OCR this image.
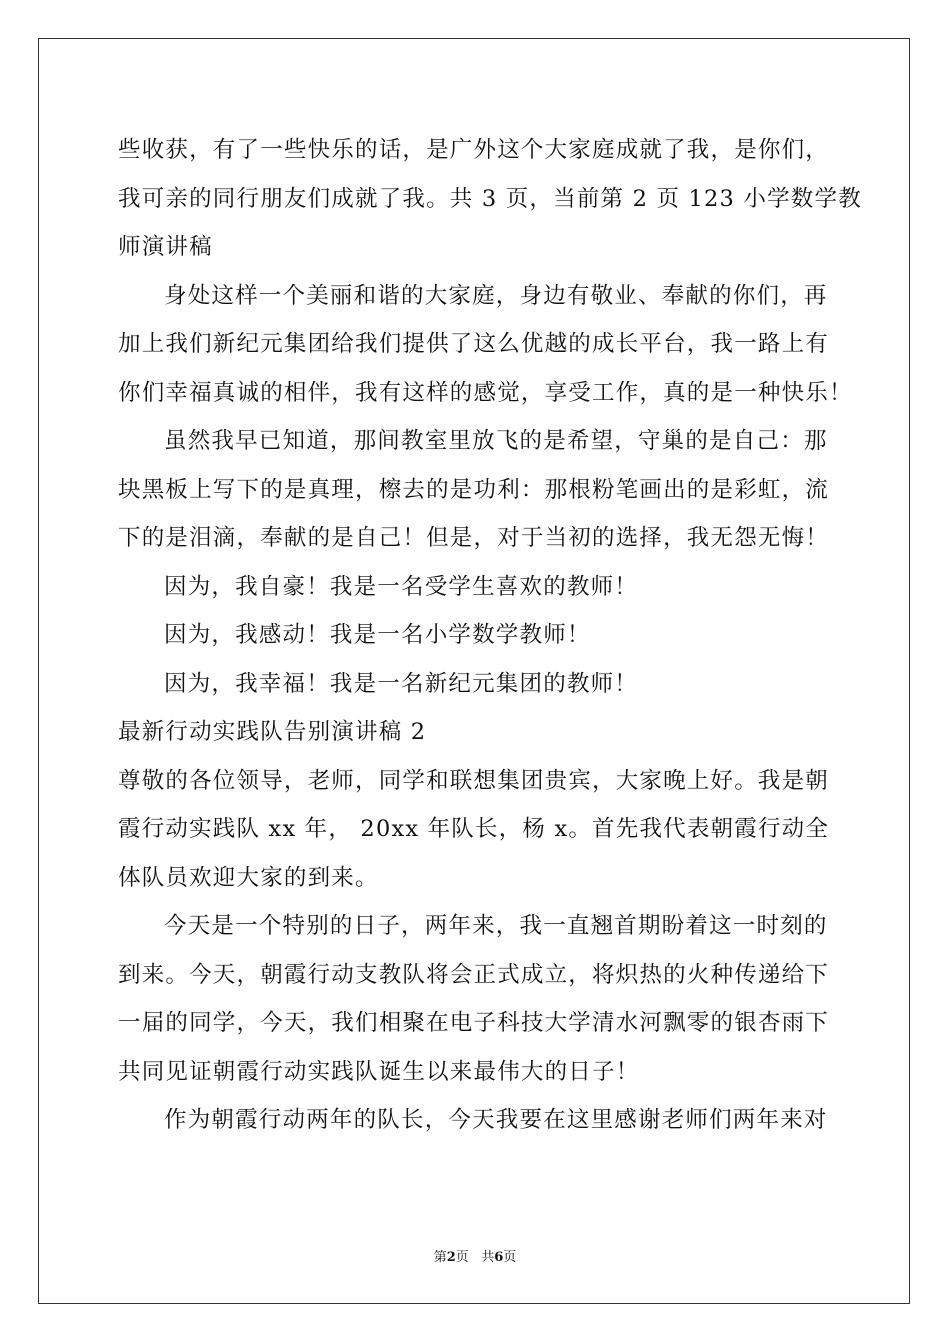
些收获，有了一些快乐的话，是广外这个大家庭成就了我，是你们，
我可亲的同行朋友们成就了我。共 3 页，当前第 2 页 123 小学数学教
师演讲稿
身处这样一个美丽和谐的大家庭，身边有敬业、奉献的你们，再
加上我们新纪元集团给我们提供了这么优越的成长平台，我一路上有
你们幸福真诚的相伴，我有这样的感觉，享受工作，真的是一种快乐！
虽然我早已知道，那间教室里放飞的是希望，守巢的是自己：那
块黑板上写下的是真理，檫去的是功利：那根粉笔画出的是彩虹，流
下的是泪滴，奉献的是自己！但是，对于当初的选择，我无怨无悔！
因为，我自豪！我是一名受学生喜欢的教师！
因为，我感动！我是一名小学数学教师！
因为，我幸福！我是一名新纪元集团的教师！
最新行动实践队告别演讲稿 2
尊敬的各位领导，老师，同学和联想集团贵宾，大家晚上好。我是朝
霞行动实践队 xx 年， 20xx 年队长，杨 x。首先我代表朝霞行动全
体队员欢迎大家的到来。
今天是一个特别的日子，两年来，我一直翘首期盼着这一时刻的
到来。今天，朝霞行动支教队将会正式成立，将炽热的火种传递给下
一届的同学，今天，我们相聚在电子科技大学清水河飘零的银杏雨下
共同见证朝霞行动实践队诞生以来最伟大的日子！
作为朝霞行动两年的队长，今天我要在这里感谢老师们两年来对
第2页 共6页
